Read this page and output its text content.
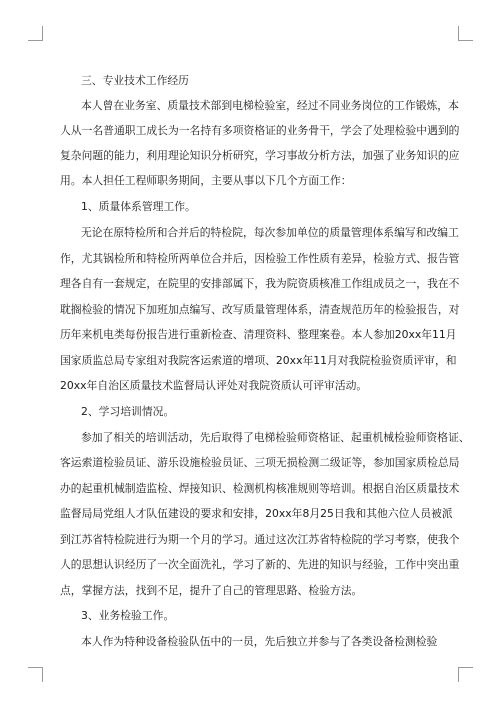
三、专业技术工作经历
本人曾在业务室、质量技术部到电梯检验室，经过不同业务岗位的工作锻炼，本
人从一名普通职工成长为一名持有多项资格证的业务骨干，学会了处理检验中遇到的
复杂问题的能力，利用理论知识分析研究，学习事故分析方法，加强了业务知识的应
用。本人担任工程师职务期间，主要从事以下几个方面工作：
1、质量体系管理工作。
无论在原特检所和合并后的特检院，每次参加单位的质量管理体系编写和改编工
作，尤其锅检所和特检所两单位合并后，因检验工作性质有差异，检验方式、报告管
理各自有一套规定，在院里的安排部属下，我为院资质核准工作组成员之一，我在不
耽搁检验的情况下加班加点编写、改写质量管理体系，清查规范历年的检验报告，对
历年来机电类每份报告进行重新检查、清理资料、整理案卷。本人参加20xx年11月
国家质监总局专家组对我院客运索道的增项、20xx年11月对我院检验资质评审，和
20xx年自治区质量技术监督局认评处对我院资质认可评审活动。
2、学习培训情况。
参加了相关的培训活动，先后取得了电梯检验师资格证、起重机械检验师资格证、
客运索道检验员证、游乐设施检验员证、三项无损检测二级证等，参加国家质检总局
办的起重机械制造监检、焊接知识、检测机构核准规则等培训。根据自治区质量技术
监督局局党组人才队伍建设的要求和安排，20xx年8月25日我和其他六位人员被派
到江苏省特检院进行为期一个月的学习。通过这次江苏省特检院的学习考察，使我个
人的思想认识经历了一次全面洗礼，学习了新的、先进的知识与经验，工作中突出重
点，掌握方法，找到不足，提升了自己的管理思路、检验方法。
3、业务检验工作。
本人作为特种设备检验队伍中的一员，先后独立并参与了各类设备检测检验
